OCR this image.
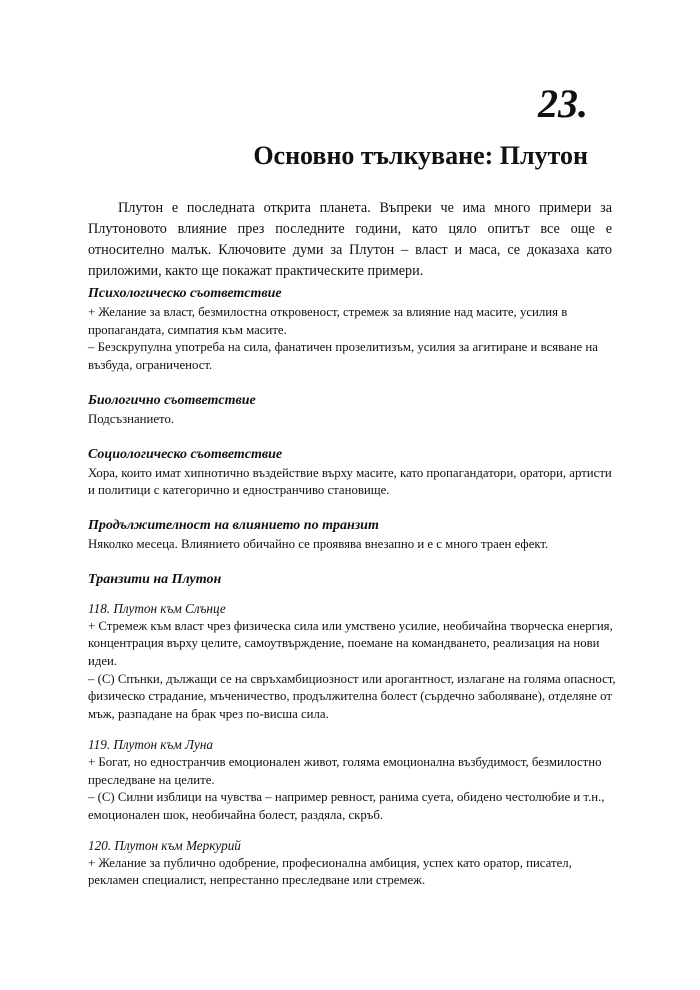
23.
Основно тълкуване: Плутон

Плутон е последната открита планета. Въпреки че има много примери за Плутоновото влияние през последните години, като цяло опитът все още е относително малък. Ключовите думи за Плутон – власт и маса, се доказаха като приложими, както ще покажат практическите примери.

Психологическо съответствие

+ Желание за власт, безмилостна откровеност, стремеж за влияние над масите, усилия в пропагандата, симпатия към масите.

– Безскрупулна употреба на сила, фанатичен прозелитизъм, усилия за агитиране и всяване на възбуда, ограниченост.

Биологично съответствие

Подсъзнанието.

Социологическо съответствие

Хора, които имат хипнотично въздействие върху масите, като пропагандатори, оратори, артисти и политици с категорично и едностранчиво становище.

Продължителност на влиянието по транзит

Няколко месеца. Влиянието обичайно се проявява внезапно и е с много траен ефект.

Транзити на Плутон

118. Плутон към Слънце

+ Стремеж към власт чрез физическа сила или умствено усилие, необичайна творческа енергия, концентрация върху целите, самоутвърждение, поемане на командването, реализация на нови идеи.

– (С) Спънки, дължащи се на свръхамбициозност или арогантност, излагане на голяма опасност, физическо страдание, мъченичество, продължителна болест (сърдечно заболяване), отделяне от мъж, разпадане на брак чрез по-висша сила.

119. Плутон към Луна

+ Богат, но едностранчив емоционален живот, голяма емоционална възбудимост, безмилостно преследване на целите.

– (С) Силни изблици на чувства – например ревност, ранима суета, обидено честолюбие и т.н., емоционален шок, необичайна болест, раздяла, скръб.

120. Плутон към Меркурий

+ Желание за публично одобрение, професионална амбиция, успех като оратор, писател, рекламен специалист, непрестанно преследване или стремеж.
